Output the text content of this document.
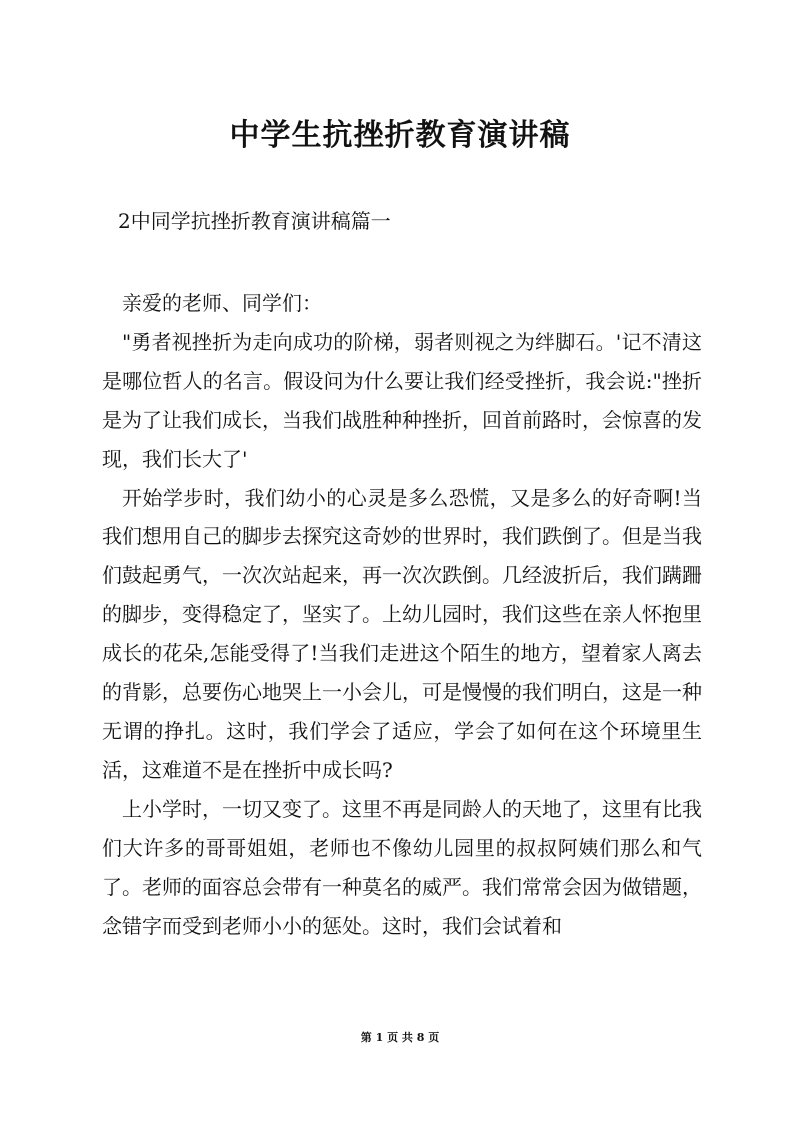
中学生抗挫折教育演讲稿
2中同学抗挫折教育演讲稿篇一

亲爱的老师、同学们：

"勇者视挫折为走向成功的阶梯，弱者则视之为绊脚石。'记不清这是哪位哲人的名言。假设问为什么要让我们经受挫折，我会说:"挫折是为了让我们成长，当我们战胜种种挫折，回首前路时，会惊喜的发现，我们长大了'

开始学步时，我们幼小的心灵是多么恐慌，又是多么的好奇啊!当我们想用自己的脚步去探究这奇妙的世界时，我们跌倒了。但是当我们鼓起勇气，一次次站起来，再一次次跌倒。几经波折后，我们蹒跚的脚步，变得稳定了，坚实了。上幼儿园时，我们这些在亲人怀抱里成长的花朵,怎能受得了!当我们走进这个陌生的地方，望着家人离去的背影，总要伤心地哭上一小会儿，可是慢慢的我们明白，这是一种无谓的挣扎。这时，我们学会了适应，学会了如何在这个环境里生活，这难道不是在挫折中成长吗?

上小学时，一切又变了。这里不再是同龄人的天地了，这里有比我们大许多的哥哥姐姐，老师也不像幼儿园里的叔叔阿姨们那么和气了。老师的面容总会带有一种莫名的威严。我们常常会因为做错题，念错字而受到老师小小的惩处。这时，我们会试着和

第 1 页 共 8 页
